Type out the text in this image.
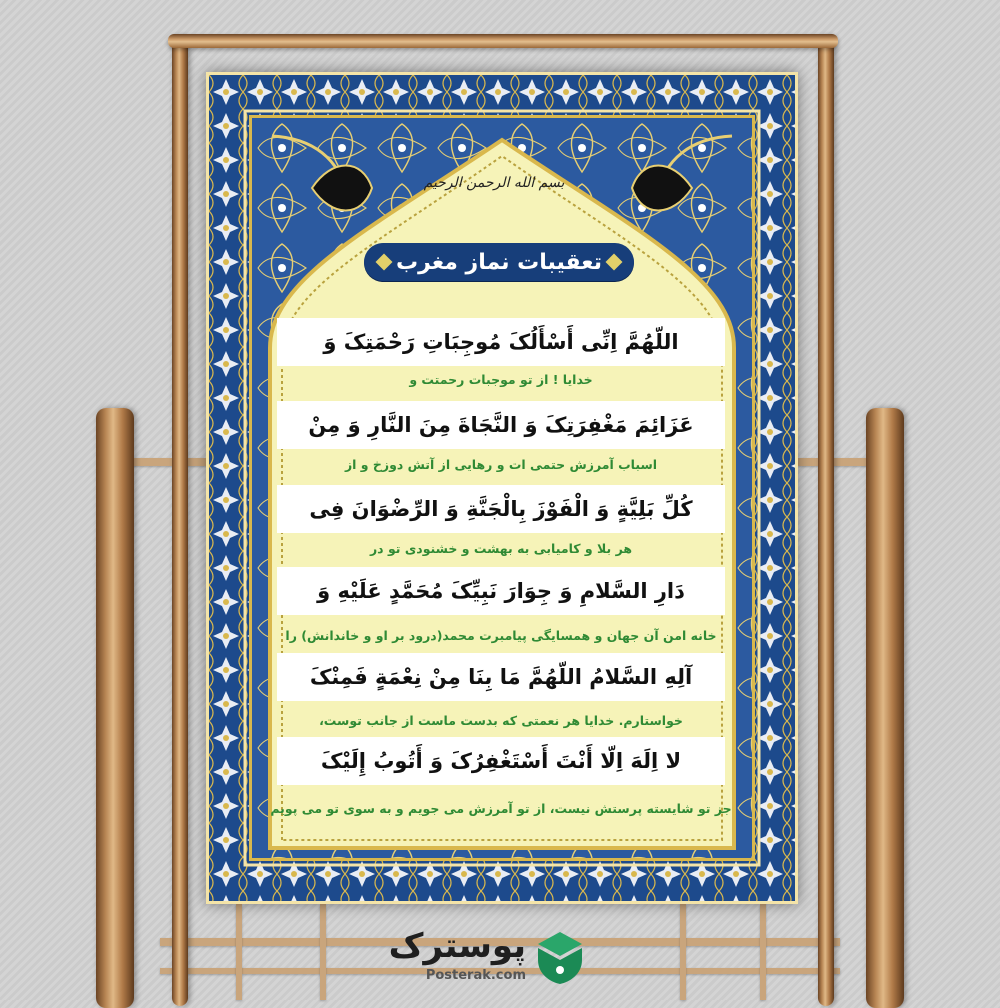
بسم الله الرحمن الرحیم
تعقیبات نماز مغرب
اللّهُمَّ اِنِّی أَسْأَلُکَ مُوجِبَاتِ رَحْمَتِکَ وَ
خدایا ! از تو موجبات رحمتت و
عَزَائِمَ مَغْفِرَتِکَ وَ النَّجَاةَ مِنَ النَّارِ وَ مِنْ
اسباب آمرزش حتمی ات و رهایی از آتش دوزخ و از
کُلِّ بَلِیَّةٍ وَ الْفَوْزَ بِالْجَنَّةِ وَ الرِّضْوَانَ فِی
هر بلا و کامیابی به بهشت و خشنودی تو در
دَارِ السَّلامِ وَ جِوَارَ نَبِیِّکَ مُحَمَّدٍ عَلَیْهِ وَ
خانه امن آن جهان و همسایگی پیامبرت محمد(درود بر او و خاندانش) را
آلِهِ السَّلامُ اللّهُمَّ مَا بِنَا مِنْ نِعْمَةٍ فَمِنْکَ
خواستارم. خدایا هر نعمتی که بدست ماست از جانب توست،
لا اِلَهَ اِلّا أَنْتَ أَسْتَغْفِرُکَ وَ أَتُوبُ إِلَیْکَ
جز تو شایسته پرستش نیست، از تو آمرزش می جویم و به سوی تو می پویم
پوسترک
Posterak.com
